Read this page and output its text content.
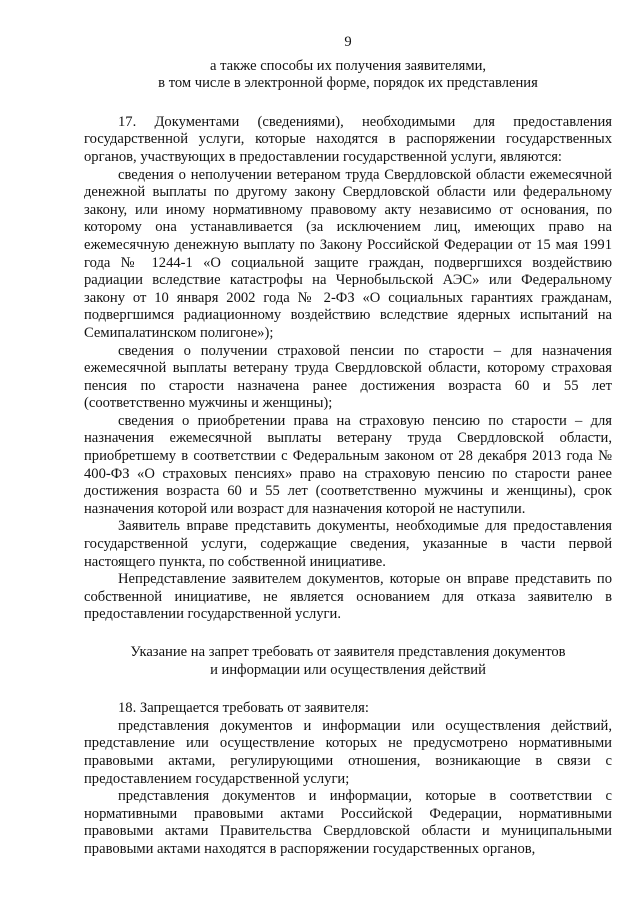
9
а также способы их получения заявителями,
в том числе в электронной форме, порядок их представления

17. Документами (сведениями), необходимыми для предоставления государственной услуги, которые находятся в распоряжении государственных органов, участвующих в предоставлении государственной услуги, являются:

сведения о неполучении ветераном труда Свердловской области ежемесячной денежной выплаты по другому закону Свердловской области или федеральному закону, или иному нормативному правовому акту независимо от основания, по которому она устанавливается (за исключением лиц, имеющих право на ежемесячную денежную выплату по Закону Российской Федерации от 15 мая 1991 года № 1244-1 «О социальной защите граждан, подвергшихся воздействию радиации вследствие катастрофы на Чернобыльской АЭС» или Федеральному закону от 10 января 2002 года № 2-ФЗ «О социальных гарантиях гражданам, подвергшимся радиационному воздействию вследствие ядерных испытаний на Семипалатинском полигоне»);

сведения о получении страховой пенсии по старости – для назначения ежемесячной выплаты ветерану труда Свердловской области, которому страховая пенсия по старости назначена ранее достижения возраста 60 и 55 лет (соответственно мужчины и женщины);

сведения о приобретении права на страховую пенсию по старости – для назначения ежемесячной выплаты ветерану труда Свердловской области, приобретшему в соответствии с Федеральным законом от 28 декабря 2013 года № 400-ФЗ «О страховых пенсиях» право на страховую пенсию по старости ранее достижения возраста 60 и 55 лет (соответственно мужчины и женщины), срок назначения которой или возраст для назначения которой не наступили.

Заявитель вправе представить документы, необходимые для предоставления государственной услуги, содержащие сведения, указанные в части первой настоящего пункта, по собственной инициативе.

Непредставление заявителем документов, которые он вправе представить по собственной инициативе, не является основанием для отказа заявителю в предоставлении государственной услуги.

Указание на запрет требовать от заявителя представления документов
и информации или осуществления действий

18. Запрещается требовать от заявителя:

представления документов и информации или осуществления действий, представление или осуществление которых не предусмотрено нормативными правовыми актами, регулирующими отношения, возникающие в связи с предоставлением государственной услуги;

представления документов и информации, которые в соответствии с нормативными правовыми актами Российской Федерации, нормативными правовыми актами Правительства Свердловской области и муниципальными правовыми актами находятся в распоряжении государственных органов,
